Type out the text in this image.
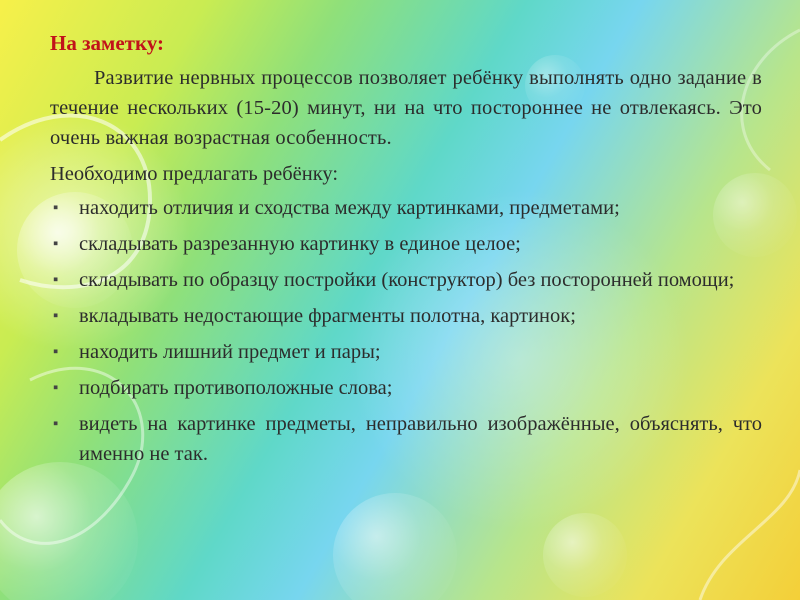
На заметку:

Развитие нервных процессов позволяет ребёнку выполнять одно задание в течение нескольких (15-20) минут, ни на что постороннее не отвлекаясь. Это очень важная возрастная особенность.

Необходимо предлагать ребёнку:
▪ находить отличия и сходства между картинками, предметами;
▪ складывать разрезанную картинку в единое целое;
▪ складывать по образцу постройки (конструктор) без посторонней помощи;
▪ вкладывать недостающие фрагменты полотна, картинок;
▪ находить лишний предмет и пары;
▪ подбирать противоположные слова;
▪ видеть на картинке предметы, неправильно изображённые, объяснять, что именно не так.
